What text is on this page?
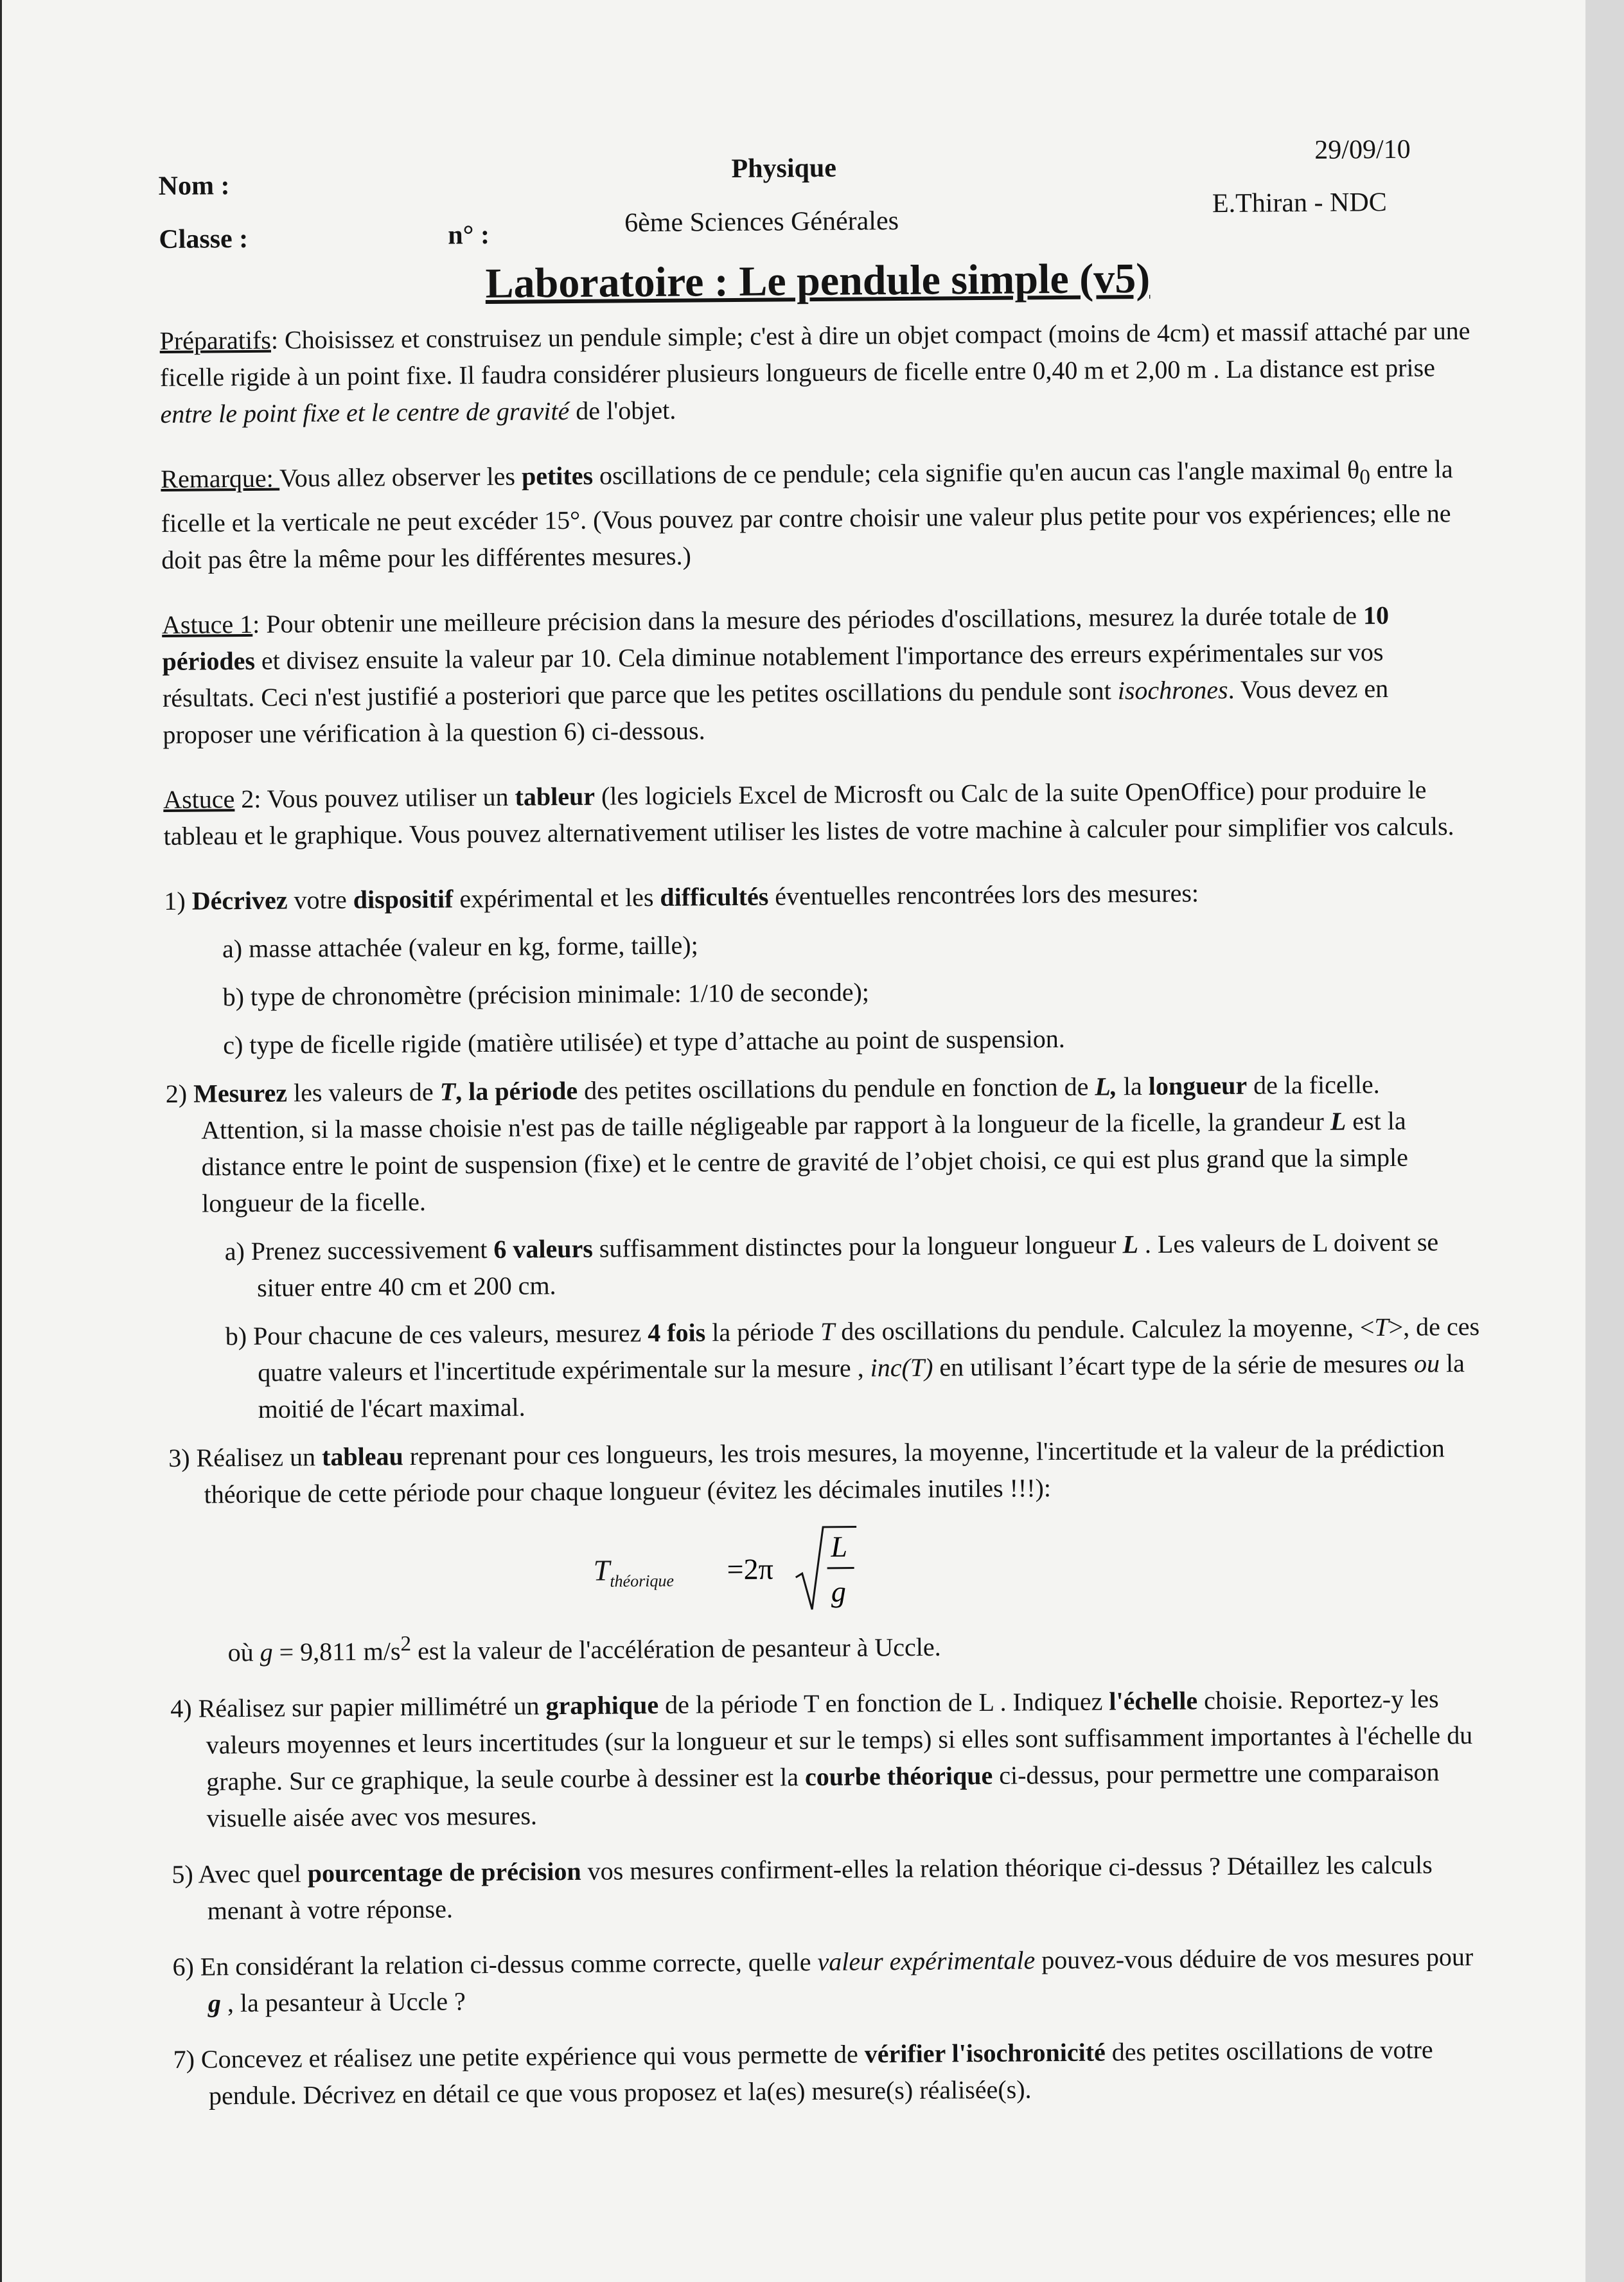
Nom :
Classe :	n° :
Physique
6ème Sciences Générales
29/09/10
E.Thiran - NDC
Laboratoire : Le pendule simple (v5)

Préparatifs: Choisissez et construisez un pendule simple; c'est à dire un objet compact (moins de 4cm) et massif attaché par une ficelle rigide à un point fixe. Il faudra considérer plusieurs longueurs de ficelle entre 0,40 m et 2,00 m . La distance est prise entre le point fixe et le centre de gravité de l'objet.

Remarque: Vous allez observer les petites oscillations de ce pendule; cela signifie qu'en aucun cas l'angle maximal $\theta_0$ entre la ficelle et la verticale ne peut excéder 15°. (Vous pouvez par contre choisir une valeur plus petite pour vos expériences; elle ne doit pas être la même pour les différentes mesures.)

Astuce 1: Pour obtenir une meilleure précision dans la mesure des périodes d'oscillations, mesurez la durée totale de 10 périodes et divisez ensuite la valeur par 10. Cela diminue notablement l'importance des erreurs expérimentales sur vos résultats. Ceci n'est justifié a posteriori que parce que les petites oscillations du pendule sont isochrones. Vous devez en proposer une vérification à la question 6) ci-dessous.

Astuce 2: Vous pouvez utiliser un tableur (les logiciels Excel de Microsft ou Calc de la suite OpenOffice) pour produire le tableau et le graphique. Vous pouvez alternativement utiliser les listes de votre machine à calculer pour simplifier vos calculs.

1) Décrivez votre dispositif expérimental et les difficultés éventuelles rencontrées lors des mesures:
a) masse attachée (valeur en kg, forme, taille);
b) type de chronomètre (précision minimale: 1/10 de seconde);
c) type de ficelle rigide (matière utilisée) et type d’attache au point de suspension.
2) Mesurez les valeurs de T, la période des petites oscillations du pendule en fonction de L, la longueur de la ficelle. Attention, si la masse choisie n'est pas de taille négligeable par rapport à la longueur de la ficelle, la grandeur L est la distance entre le point de suspension (fixe) et le centre de gravité de l’objet choisi, ce qui est plus grand que la simple longueur de la ficelle.
a) Prenez successivement 6 valeurs suffisamment distinctes pour la longueur longueur L . Les valeurs de L doivent se situer entre 40 cm et 200 cm.
b) Pour chacune de ces valeurs, mesurez 4 fois la période T des oscillations du pendule. Calculez la moyenne, <T>, de ces quatre valeurs et l'incertitude expérimentale sur la mesure , inc(T) en utilisant l’écart type de la série de mesures ou la moitié de l'écart maximal.
3) Réalisez un tableau reprenant pour ces longueurs, les trois mesures, la moyenne, l'incertitude et la valeur de la prédiction théorique de cette période pour chaque longueur (évitez les décimales inutiles !!!):
$T_{théorique} =2\pi$
L
g
où g = 9,811 $m/s^2$ est la valeur de l'accélération de pesanteur à Uccle.
4) Réalisez sur papier millimétré un graphique de la période T en fonction de L . Indiquez l'échelle choisie. Reportez-y les valeurs moyennes et leurs incertitudes (sur la longueur et sur le temps) si elles sont suffisamment importantes à l'échelle du graphe. Sur ce graphique, la seule courbe à dessiner est la courbe théorique ci-dessus, pour permettre une comparaison visuelle aisée avec vos mesures.
5) Avec quel pourcentage de précision vos mesures confirment-elles la relation théorique ci-dessus ? Détaillez les calculs menant à votre réponse.
6) En considérant la relation ci-dessus comme correcte, quelle valeur expérimentale pouvez-vous déduire de vos mesures pour g , la pesanteur à Uccle ?
7) Concevez et réalisez une petite expérience qui vous permette de vérifier l'isochronicité des petites oscillations de votre pendule. Décrivez en détail ce que vous proposez et la(es) mesure(s) réalisée(s).
